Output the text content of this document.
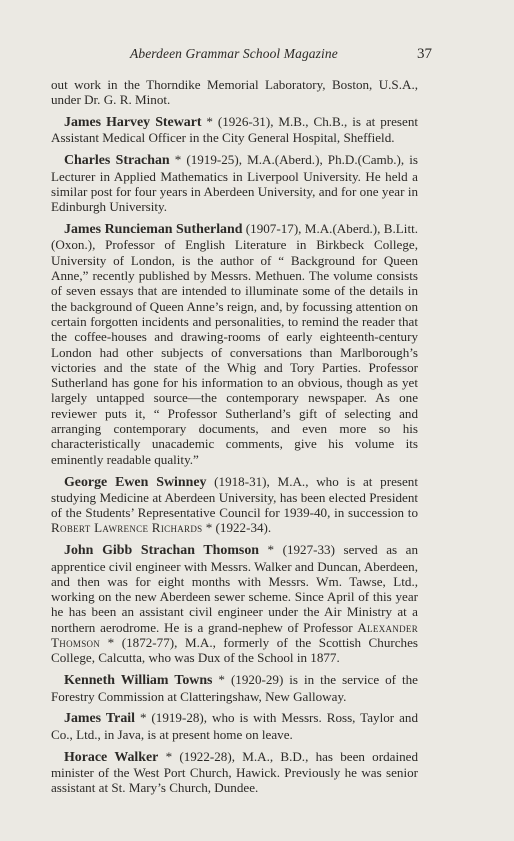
Aberdeen Grammar School Magazine	37

out work in the Thorndike Memorial Laboratory, Boston, U.S.A., under Dr. G. R. Minot.

James Harvey Stewart * (1926-31), M.B., Ch.B., is at present Assistant Medical Officer in the City General Hospital, Sheffield.

Charles Strachan * (1919-25), M.A.(Aberd.), Ph.D.(Camb.), is Lecturer in Applied Mathematics in Liverpool University. He held a similar post for four years in Aberdeen University, and for one year in Edinburgh University.

James Runcieman Sutherland (1907-17), M.A.(Aberd.), B.Litt.(Oxon.), Professor of English Literature in Birkbeck College, University of London, is the author of “ Background for Queen Anne,” recently published by Messrs. Methuen. The volume consists of seven essays that are intended to illuminate some of the details in the background of Queen Anne’s reign, and, by focussing attention on certain forgotten incidents and personalities, to remind the reader that the coffee-houses and drawing-rooms of early eighteenth-century London had other subjects of conversations than Marlborough’s victories and the state of the Whig and Tory Parties. Professor Sutherland has gone for his information to an obvious, though as yet largely untapped source—the contemporary newspaper. As one reviewer puts it, “ Professor Sutherland’s gift of selecting and arranging contemporary documents, and even more so his characteristically unacademic comments, give his volume its eminently readable quality.”

George Ewen Swinney (1918-31), M.A., who is at present studying Medicine at Aberdeen University, has been elected President of the Students’ Representative Council for 1939-40, in succession to Robert Lawrence Richards * (1922-34).

John Gibb Strachan Thomson * (1927-33) served as an apprentice civil engineer with Messrs. Walker and Duncan, Aberdeen, and then was for eight months with Messrs. Wm. Tawse, Ltd., working on the new Aberdeen sewer scheme. Since April of this year he has been an assistant civil engineer under the Air Ministry at a northern aerodrome. He is a grand-nephew of Professor Alexander Thomson * (1872-77), M.A., formerly of the Scottish Churches College, Calcutta, who was Dux of the School in 1877.

Kenneth William Towns * (1920-29) is in the service of the Forestry Commission at Clatteringshaw, New Galloway.

James Trail * (1919-28), who is with Messrs. Ross, Taylor and Co., Ltd., in Java, is at present home on leave.

Horace Walker * (1922-28), M.A., B.D., has been ordained minister of the West Port Church, Hawick. Previously he was senior assistant at St. Mary’s Church, Dundee.
